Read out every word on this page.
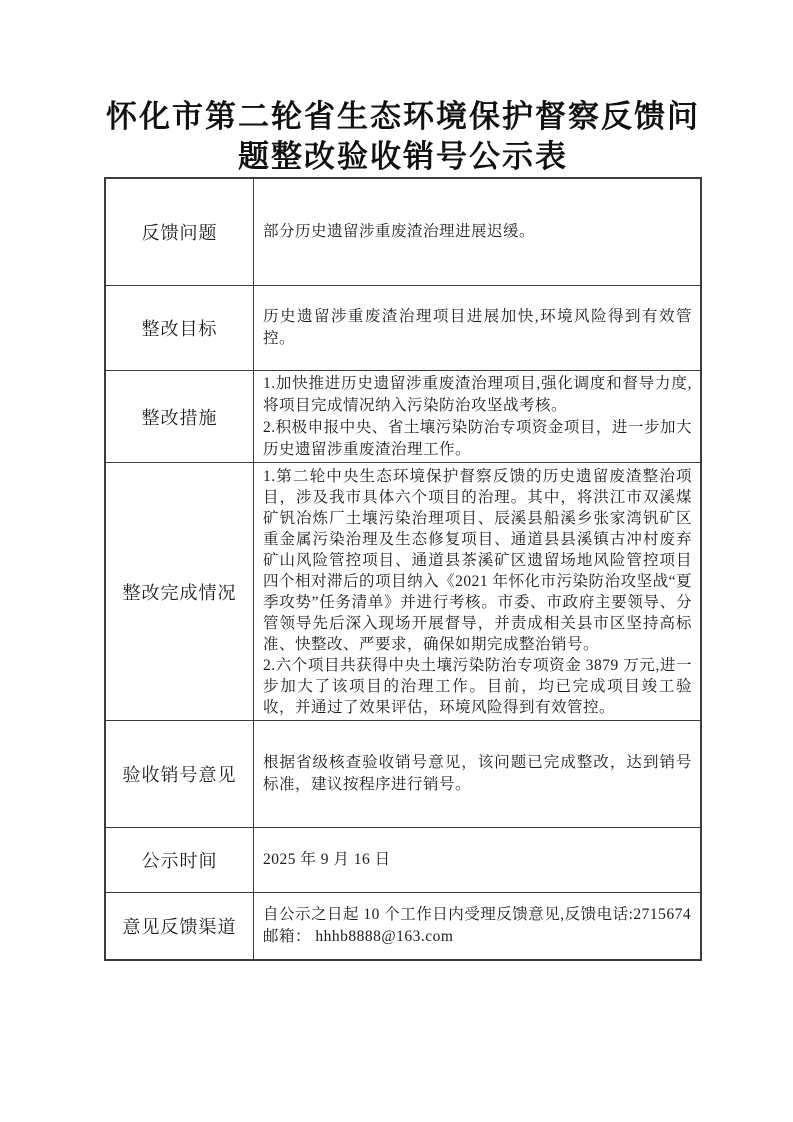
怀化市第二轮省生态环境保护督察反馈问
题整改验收销号公示表
反馈问题	部分历史遗留涉重废渣治理进展迟缓。

整改目标

历史遗留涉重废渣治理项目进展加快,环境风险得到有效管控。

整改措施

1.加快推进历史遗留涉重废渣治理项目,强化调度和督导力度,将项目完成情况纳入污染防治攻坚战考核。

2.积极申报中央、省土壤污染防治专项资金项目，进一步加大历史遗留涉重废渣治理工作。

整改完成情况

1.第二轮中央生态环境保护督察反馈的历史遗留废渣整治项目，涉及我市具体六个项目的治理。其中，将洪江市双溪煤矿钒冶炼厂土壤污染治理项目、辰溪县船溪乡张家湾钒矿区重金属污染治理及生态修复项目、通道县县溪镇古冲村废弃矿山风险管控项目、通道县茶溪矿区遗留场地风险管控项目四个相对滞后的项目纳入《2021 年怀化市污染防治攻坚战“夏季攻势”任务清单》并进行考核。市委、市政府主要领导、分管领导先后深入现场开展督导，并责成相关县市区坚持高标准、快整改、严要求，确保如期完成整治销号。

2.六个项目共获得中央土壤污染防治专项资金 3879 万元,进一步加大了该项目的治理工作。目前，均已完成项目竣工验收，并通过了效果评估，环境风险得到有效管控。

验收销号意见

根据省级核查验收销号意见，该问题已完成整改，达到销号标准，建议按程序进行销号。

公示时间	2025 年 9 月 16 日

意见反馈渠道

自公示之日起 10 个工作日内受理反馈意见,反馈电话:2715674

邮箱： hhhb8888@163.com
